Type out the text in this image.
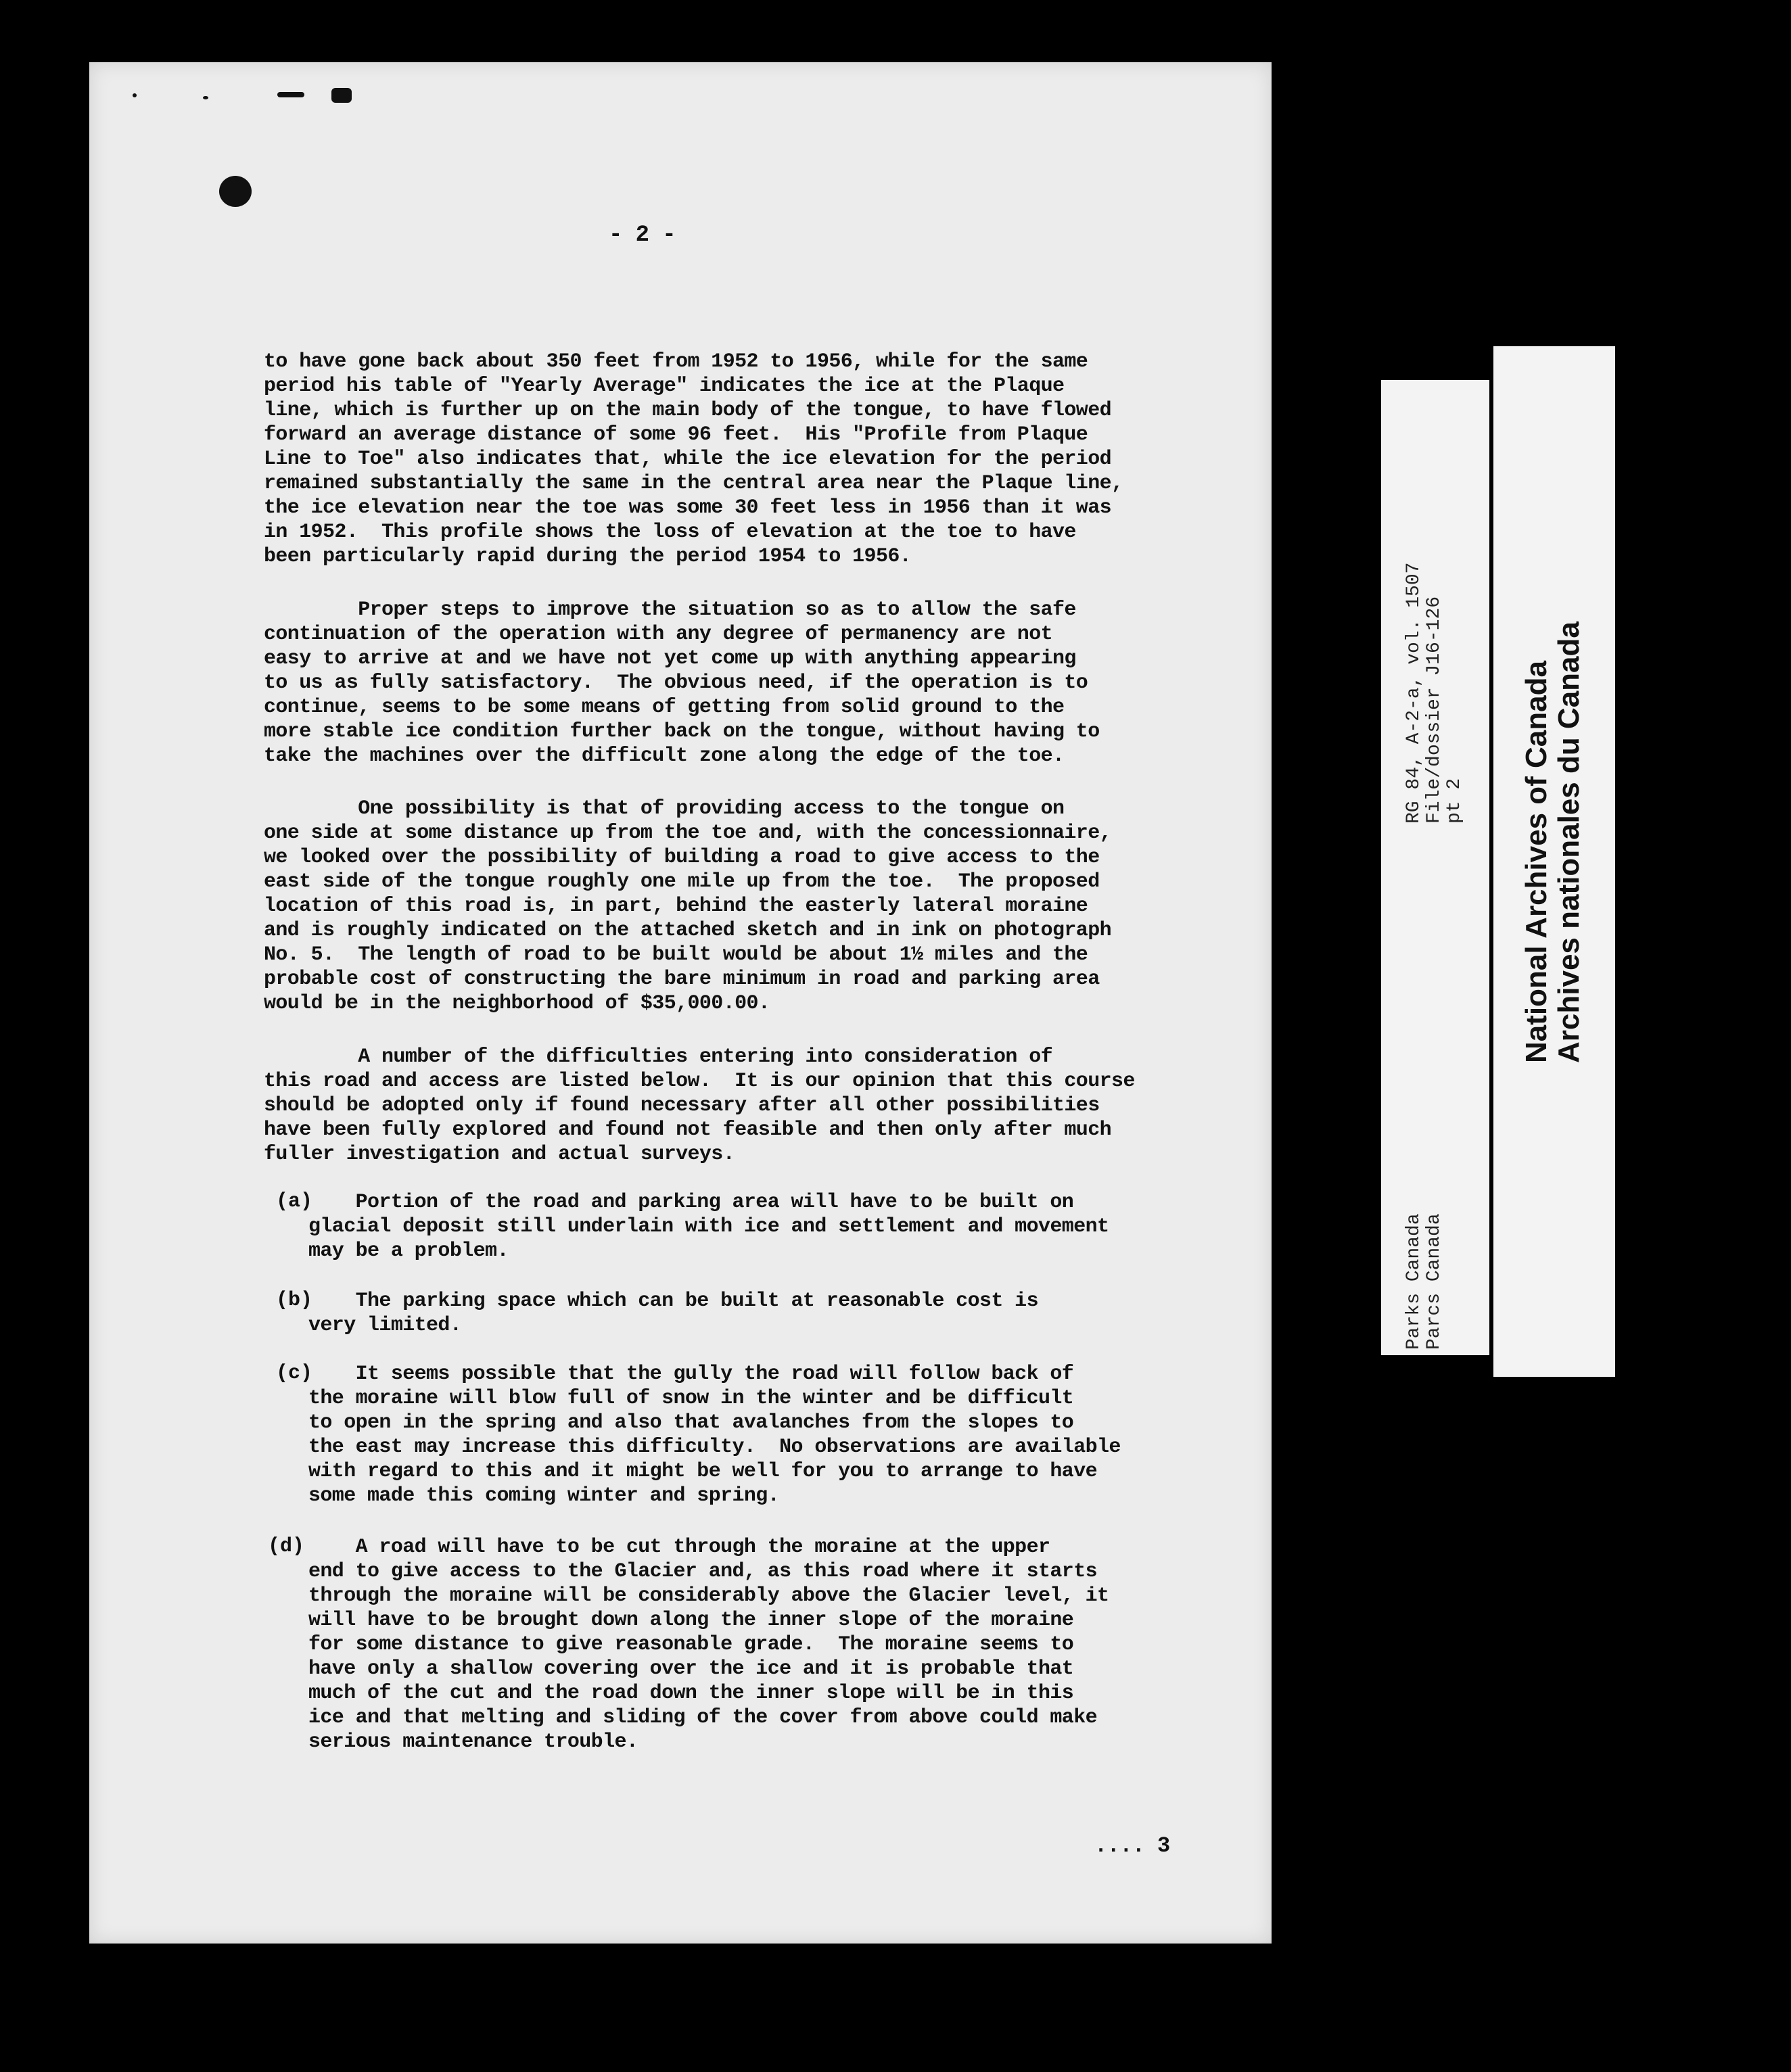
- 2 -
to have gone back about 350 feet from 1952 to 1956, while for the same
period his table of "Yearly Average" indicates the ice at the Plaque
line, which is further up on the main body of the tongue, to have flowed
forward an average distance of some 96 feet.  His "Profile from Plaque
Line to Toe" also indicates that, while the ice elevation for the period
remained substantially the same in the central area near the Plaque line,
the ice elevation near the toe was some 30 feet less in 1956 than it was
in 1952.  This profile shows the loss of elevation at the toe to have
been particularly rapid during the period 1954 to 1956.
Proper steps to improve the situation so as to allow the safe
continuation of the operation with any degree of permanency are not
easy to arrive at and we have not yet come up with anything appearing
to us as fully satisfactory.  The obvious need, if the operation is to
continue, seems to be some means of getting from solid ground to the
more stable ice condition further back on the tongue, without having to
take the machines over the difficult zone along the edge of the toe.
One possibility is that of providing access to the tongue on
one side at some distance up from the toe and, with the concessionnaire,
we looked over the possibility of building a road to give access to the
east side of the tongue roughly one mile up from the toe.  The proposed
location of this road is, in part, behind the easterly lateral moraine
and is roughly indicated on the attached sketch and in ink on photograph
No. 5.  The length of road to be built would be about 1½ miles and the
probable cost of constructing the bare minimum in road and parking area
would be in the neighborhood of $35,000.00.
A number of the difficulties entering into consideration of
this road and access are listed below.  It is our opinion that this course
should be adopted only if found necessary after all other possibilities
have been fully explored and found not feasible and then only after much
fuller investigation and actual surveys.
(a)
Portion of the road and parking area will have to be built on
glacial deposit still underlain with ice and settlement and movement
may be a problem.
(b)
The parking space which can be built at reasonable cost is
very limited.
(c)
It seems possible that the gully the road will follow back of
the moraine will blow full of snow in the winter and be difficult
to open in the spring and also that avalanches from the slopes to
the east may increase this difficulty.  No observations are available
with regard to this and it might be well for you to arrange to have
some made this coming winter and spring.
(d) A road will have to be cut through the moraine at the upper
end to give access to the Glacier and, as this road where it starts
through the moraine will be considerably above the Glacier level, it
will have to be brought down along the inner slope of the moraine
for some distance to give reasonable grade.  The moraine seems to
have only a shallow covering over the ice and it is probable that
much of the cut and the road down the inner slope will be in this
ice and that melting and sliding of the cover from above could make
serious maintenance trouble.
.... 3
RG 84, A-2-a, vol. 1507
File/dossier J16-126
pt 2
Parks Canada
Parcs Canada
National Archives of Canada
Archives nationales du Canada
